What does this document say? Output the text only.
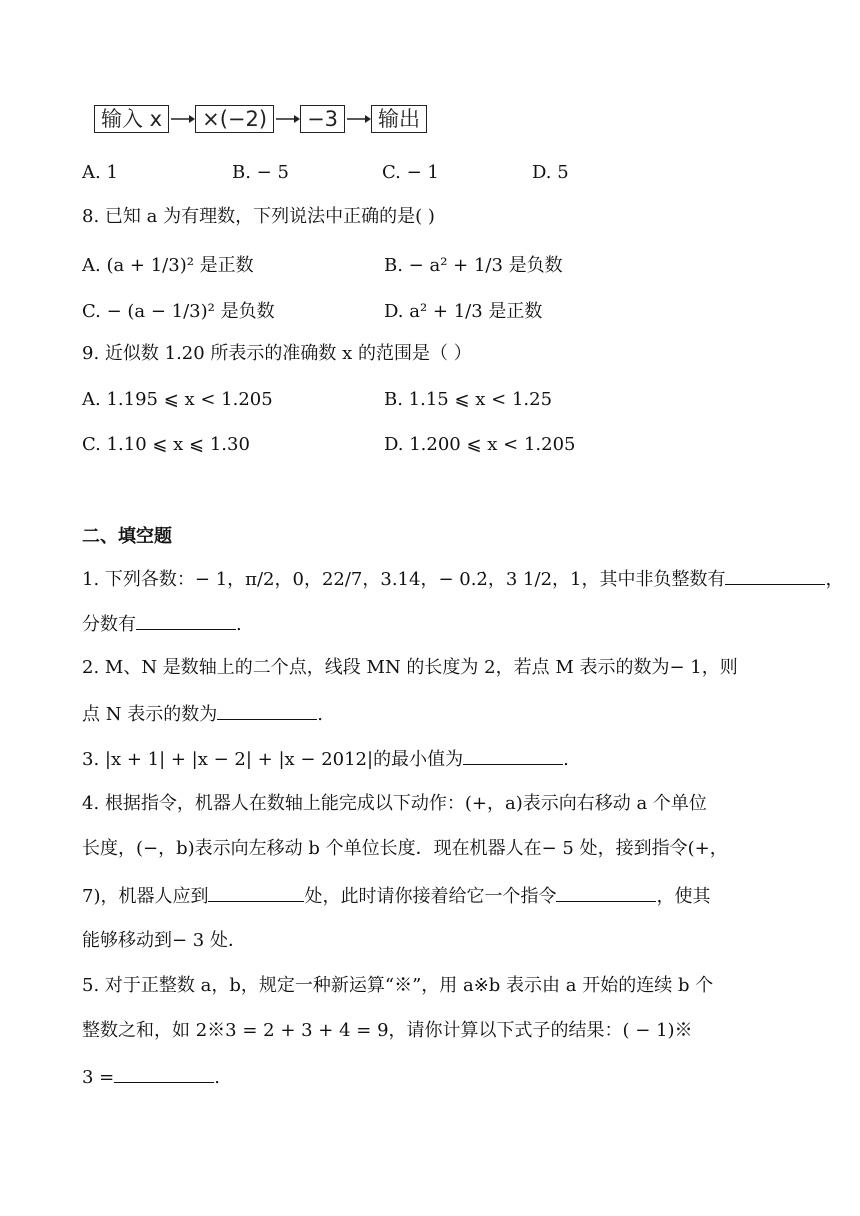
输入 x	×(−2)	−3	输出
A. 1	B. − 5	C. − 1	D. 5
8. 已知 a 为有理数，下列说法中正确的是( )
A. (a + 1/3)² 是正数	B. − a² + 1/3 是负数
C. − (a − 1/3)² 是负数	D. a² + 1/3 是正数
9. 近似数 1.20 所表示的准确数 x 的范围是（ ）
A. 1.195 ⩽ x < 1.205	B. 1.15 ⩽ x < 1.25
C. 1.10 ⩽ x ⩽ 1.30	D. 1.200 ⩽ x < 1.205
二、填空题
1. 下列各数：− 1，π/2，0，22/7，3.14，− 0.2̇，3 1/2，1，其中非负整数有	，
分数有	.
2. M、N 是数轴上的二个点，线段 MN 的长度为 2，若点 M 表示的数为− 1，则
点 N 表示的数为	.
3. |x + 1| + |x − 2| + |x − 2012|的最小值为	.
4. 根据指令，机器人在数轴上能完成以下动作：(+，a)表示向右移动 a 个单位
长度，(−，b)表示向左移动 b 个单位长度．现在机器人在− 5 处，接到指令(+，
7)，机器人应到	处，此时请你接着给它一个指令	，使其
能够移动到− 3 处．
5. 对于正整数 a，b，规定一种新运算“※”，用 a※b 表示由 a 开始的连续 b 个
整数之和，如 2※3 = 2 + 3 + 4 = 9，请你计算以下式子的结果：( − 1)※
3 =	.
